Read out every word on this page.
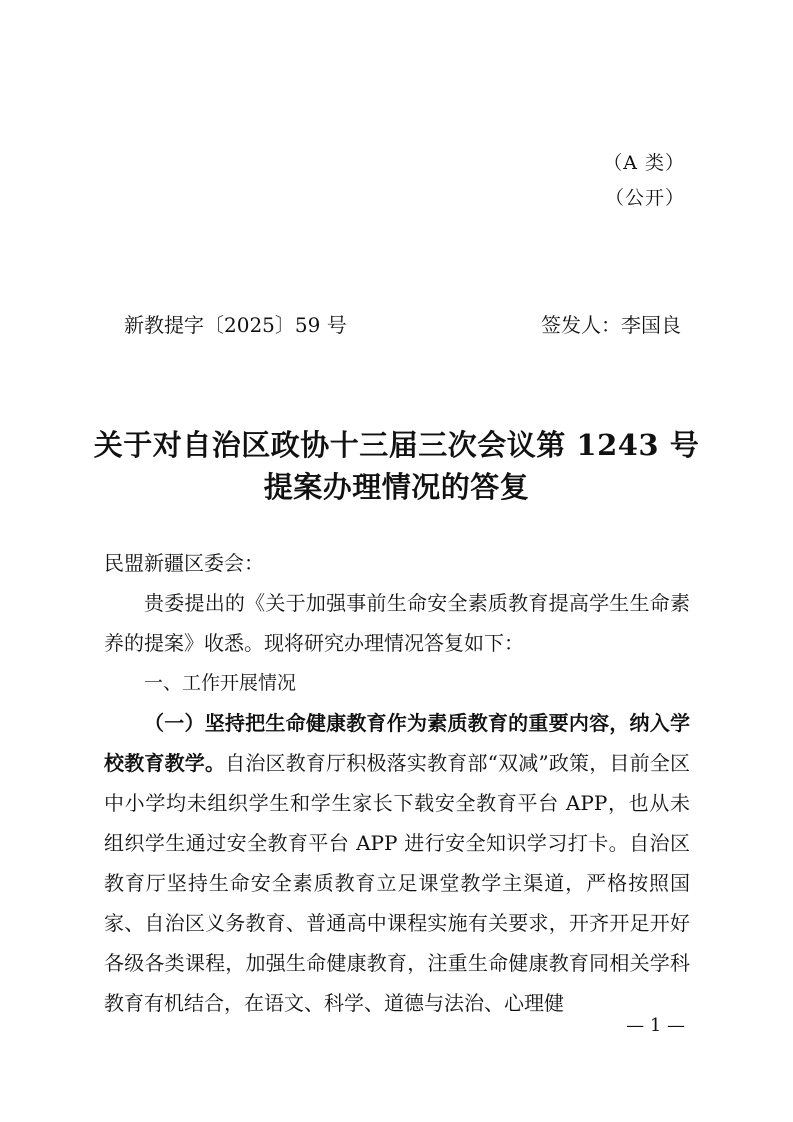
（A 类）
（公开）
新教提字〔2025〕59 号	签发人：李国良
关于对自治区政协十三届三次会议第 1243 号
提案办理情况的答复

民盟新疆区委会：

贵委提出的《关于加强事前生命安全素质教育提高学生生命素养的提案》收悉。现将研究办理情况答复如下：

一、工作开展情况

（一）坚持把生命健康教育作为素质教育的重要内容，纳入学校教育教学。自治区教育厅积极落实教育部“双减”政策，目前全区中小学均未组织学生和学生家长下载安全教育平台 APP，也从未组织学生通过安全教育平台 APP 进行安全知识学习打卡。自治区教育厅坚持生命安全素质教育立足课堂教学主渠道，严格按照国家、自治区义务教育、普通高中课程实施有关要求，开齐开足开好各级各类课程，加强生命健康教育，注重生命健康教育同相关学科教育有机结合，在语文、科学、道德与法治、心理健

— 1 —
